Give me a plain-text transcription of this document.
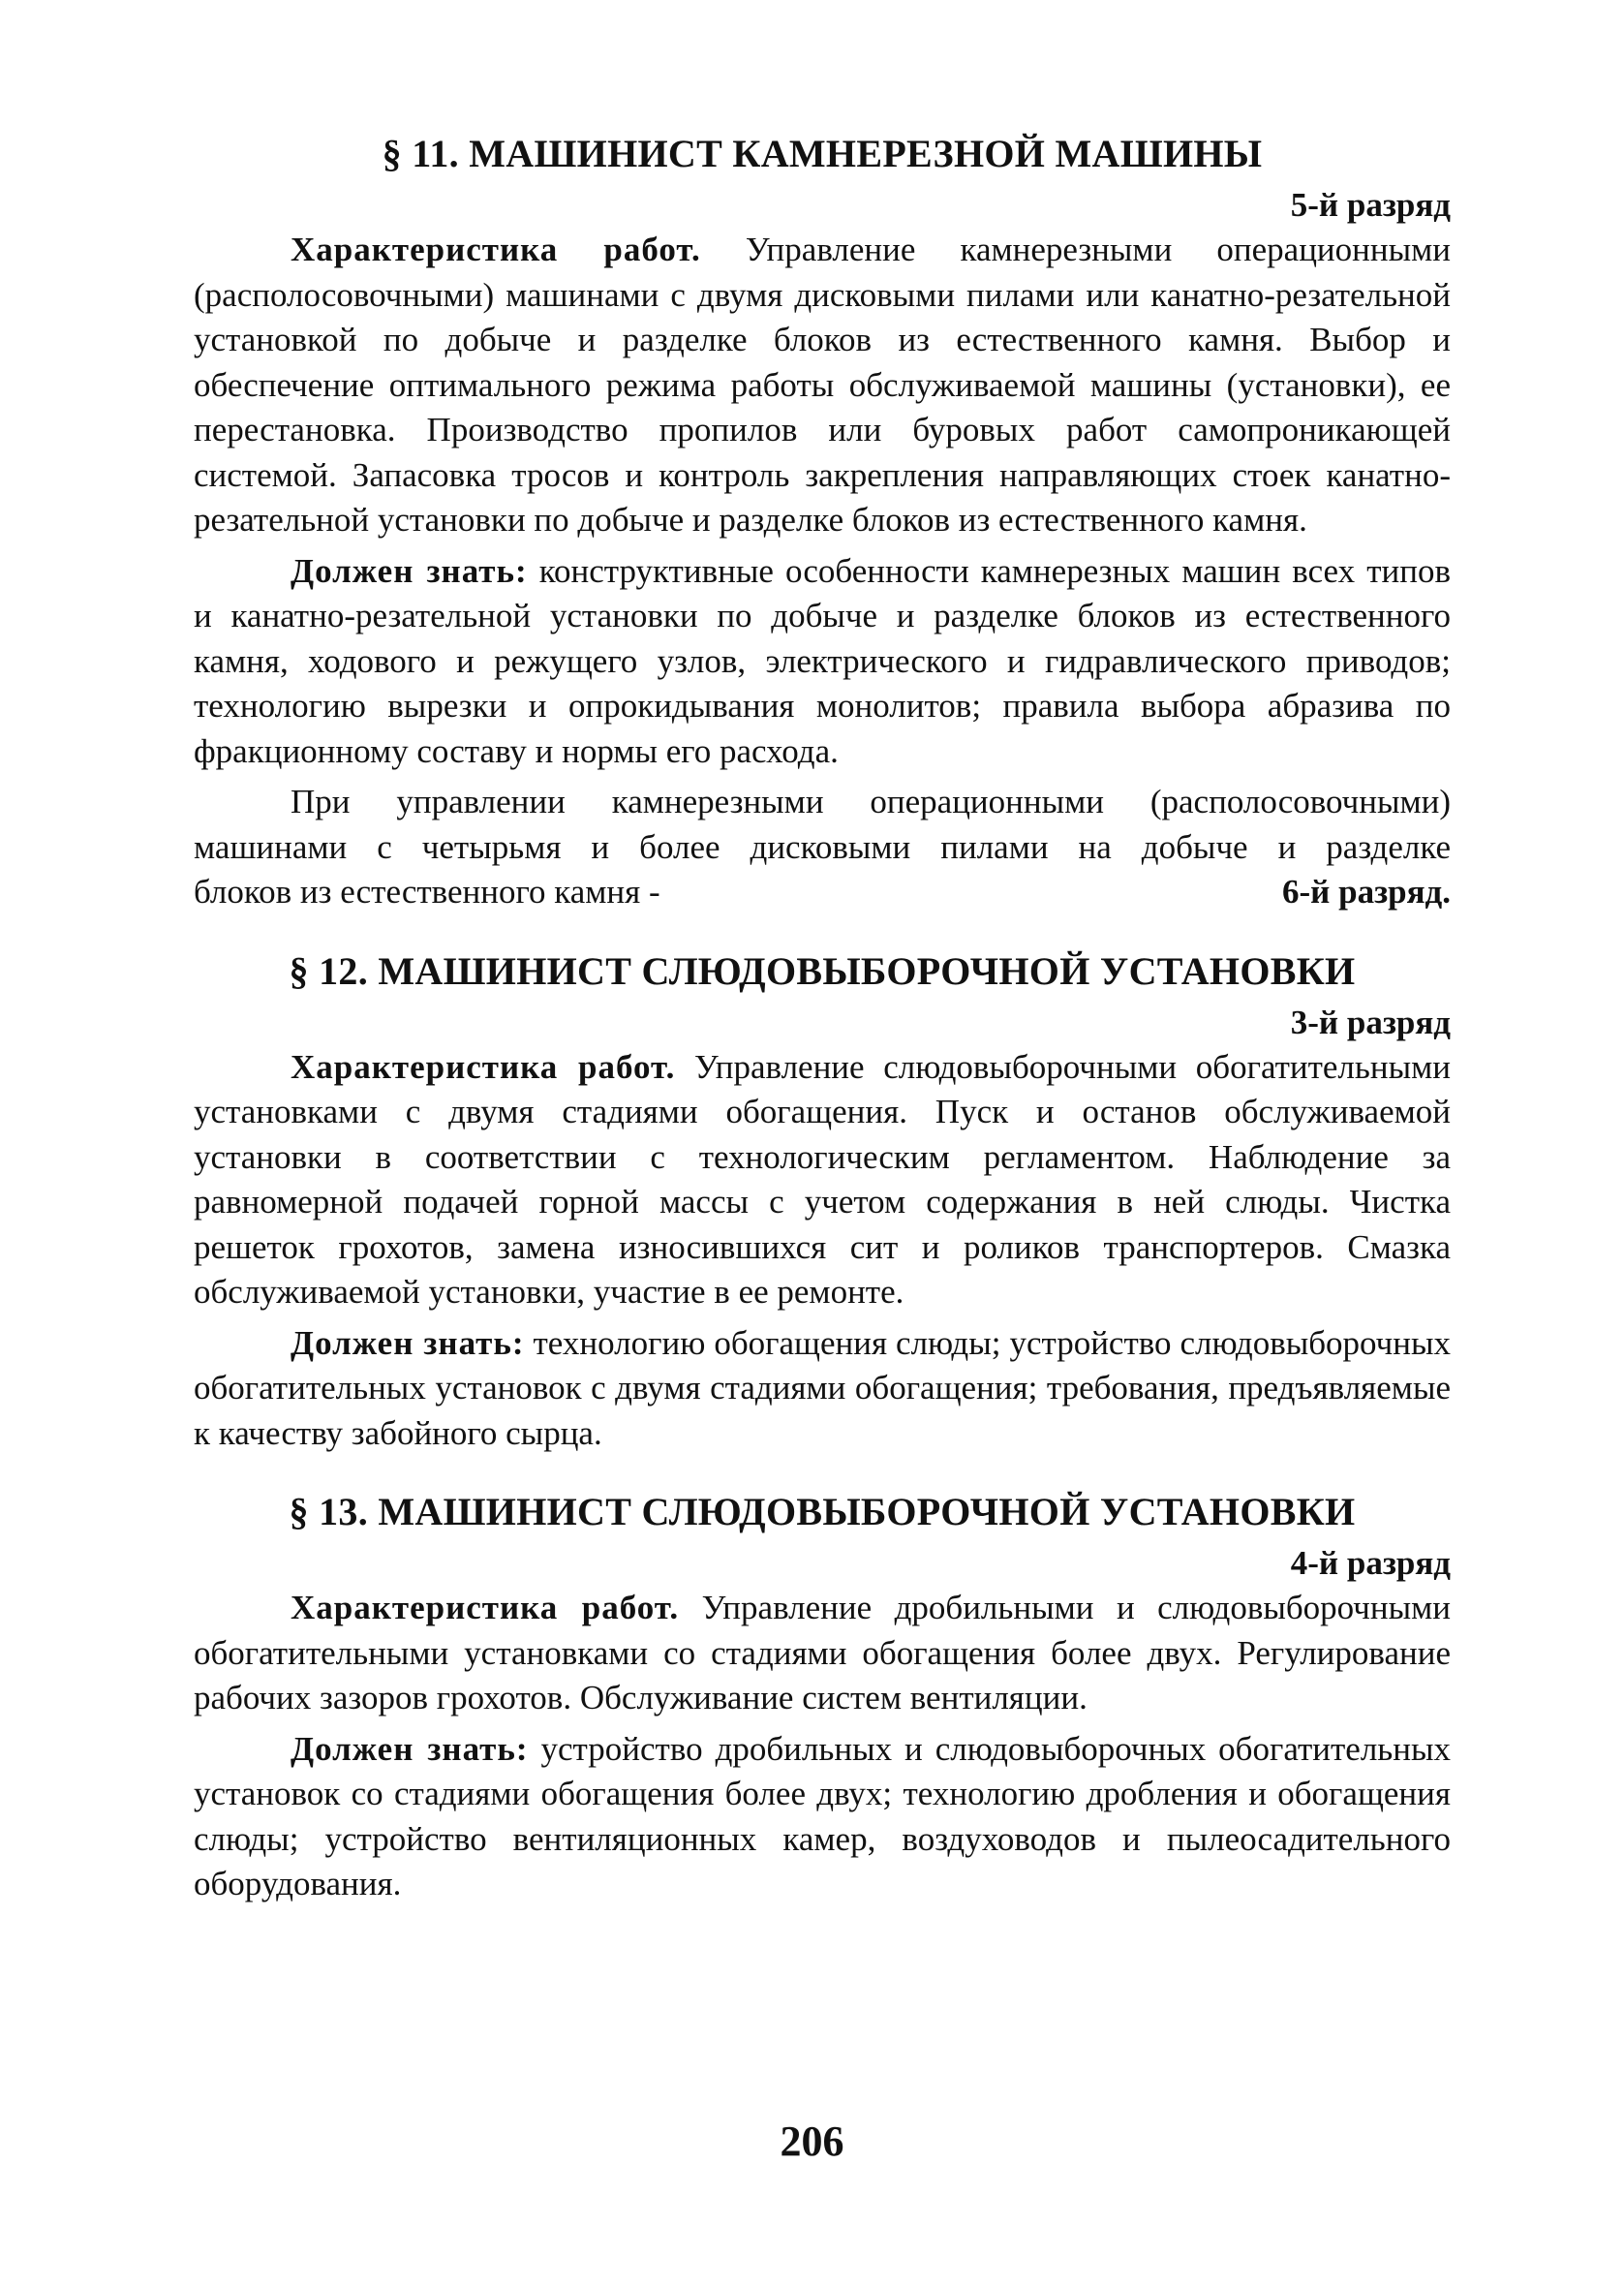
§ 11. МАШИНИСТ КАМНЕРЕЗНОЙ МАШИНЫ

5-й разряд

Характеристика работ. Управление камнерезными операционными (располосовочными) машинами с двумя дисковыми пилами или канатно-резательной установкой по добыче и разделке блоков из естественного камня. Выбор и обеспечение оптимального режима работы обслуживаемой машины (установки), ее перестановка. Производство пропилов или буровых работ самопроникающей системой. Запасовка тросов и контроль закрепления направляющих стоек канатно-резательной установки по добыче и разделке блоков из естественного камня.

Должен знать: конструктивные особенности камнерезных машин всех типов и канатно-резательной установки по добыче и разделке блоков из естественного камня, ходового и режущего узлов, электрического и гидравлического приводов; технологию вырезки и опрокидывания монолитов; правила выбора абразива по фракционному составу и нормы его расхода.

При управлении камнерезными операционными (располосовочными) машинами с четырьмя и более дисковыми пилами на добыче и разделке

блоков из естественного камня -	6-й разряд.
§ 12. МАШИНИСТ СЛЮДОВЫБОРОЧНОЙ УСТАНОВКИ

3-й разряд

Характеристика работ. Управление слюдовыборочными обогатительными установками с двумя стадиями обогащения. Пуск и останов обслуживаемой установки в соответствии с технологическим регламентом. Наблюдение за равномерной подачей горной массы с учетом содержания в ней слюды. Чистка решеток грохотов, замена износившихся сит и роликов транспортеров. Смазка обслуживаемой установки, участие в ее ремонте.

Должен знать: технологию обогащения слюды; устройство слюдовыборочных обогатительных установок с двумя стадиями обогащения; требования, предъявляемые к качеству забойного сырца.

§ 13. МАШИНИСТ СЛЮДОВЫБОРОЧНОЙ УСТАНОВКИ

4-й разряд

Характеристика работ. Управление дробильными и слюдовыборочными обогатительными установками со стадиями обогащения более двух. Регулирование рабочих зазоров грохотов. Обслуживание систем вентиляции.

Должен знать: устройство дробильных и слюдовыборочных обогатительных установок со стадиями обогащения более двух; технологию дробления и обогащения слюды; устройство вентиляционных камер, воздуховодов и пылеосадительного оборудования.

206
